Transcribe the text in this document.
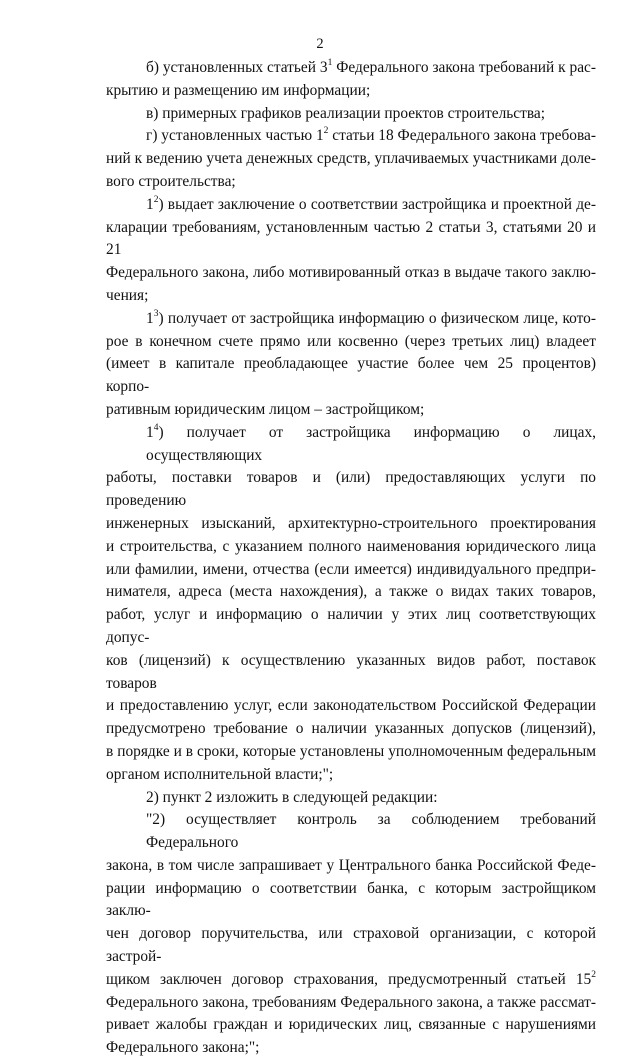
2

б) установленных статьей $3^1$ Федерального закона требований к рас-
крытию и размещению им информации;

в) примерных графиков реализации проектов строительства;

г) установленных частью $1^2$ статьи 18 Федерального закона требова-
ний к ведению учета денежных средств, уплачиваемых участниками доле-
вого строительства;

$1^2$) выдает заключение о соответствии застройщика и проектной де-
кларации требованиям, установленным частью 2 статьи 3, статьями 20 и 21
Федерального закона, либо мотивированный отказ в выдаче такого заклю-
чения;

$1^3$) получает от застройщика информацию о физическом лице, кото-
рое в конечном счете прямо или косвенно (через третьих лиц) владеет
(имеет в капитале преобладающее участие более чем 25 процентов) корпо-
ративным юридическим лицом – застройщиком;

$1^4$) получает от застройщика информацию о лицах, осуществляющих
работы, поставки товаров и (или) предоставляющих услуги по проведению
инженерных изысканий, архитектурно-строительного проектирования
и строительства, с указанием полного наименования юридического лица
или фамилии, имени, отчества (если имеется) индивидуального предпри-
нимателя, адреса (места нахождения), а также о видах таких товаров,
работ, услуг и информацию о наличии у этих лиц соответствующих допус-
ков (лицензий) к осуществлению указанных видов работ, поставок товаров
и предоставлению услуг, если законодательством Российской Федерации
предусмотрено требование о наличии указанных допусков (лицензий),
в порядке и в сроки, которые установлены уполномоченным федеральным
органом исполнительной власти;";

2) пункт 2 изложить в следующей редакции:

"2) осуществляет контроль за соблюдением требований Федерального
закона, в том числе запрашивает у Центрального банка Российской Феде-
рации информацию о соответствии банка, с которым застройщиком заклю-
чен договор поручительства, или страховой организации, с которой застрой-
щиком заключен договор страхования, предусмотренный статьей $15^2$
Федерального закона, требованиям Федерального закона, а также рассмат-
ривает жалобы граждан и юридических лиц, связанные с нарушениями
Федерального закона;";
